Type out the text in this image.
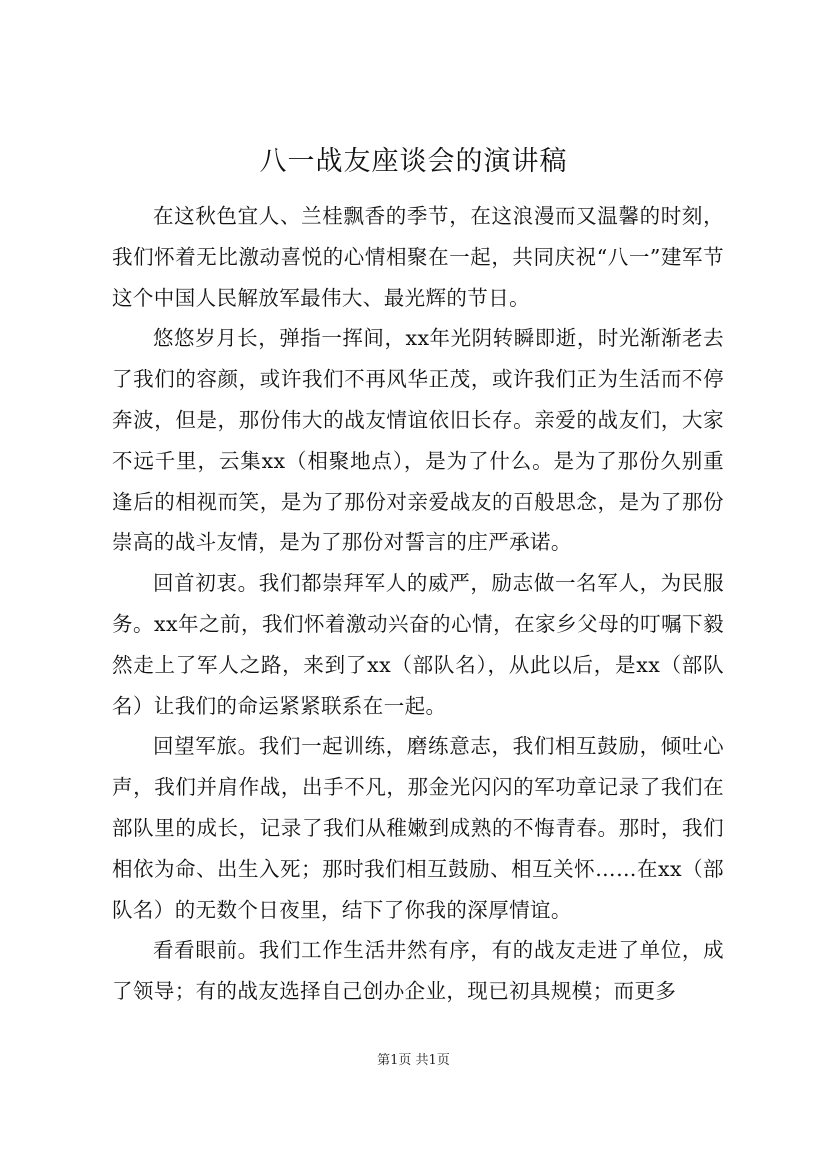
八一战友座谈会的演讲稿

在这秋色宜人、兰桂飘香的季节，在这浪漫而又温馨的时刻，我们怀着无比激动喜悦的心情相聚在一起，共同庆祝“八一”建军节这个中国人民解放军最伟大、最光辉的节日。

悠悠岁月长，弹指一挥间，xx年光阴转瞬即逝，时光渐渐老去了我们的容颜，或许我们不再风华正茂，或许我们正为生活而不停奔波，但是，那份伟大的战友情谊依旧长存。亲爱的战友们，大家不远千里，云集xx（相聚地点），是为了什么。是为了那份久别重逢后的相视而笑，是为了那份对亲爱战友的百般思念，是为了那份崇高的战斗友情，是为了那份对誓言的庄严承诺。

回首初衷。我们都崇拜军人的威严，励志做一名军人，为民服务。xx年之前，我们怀着激动兴奋的心情，在家乡父母的叮嘱下毅然走上了军人之路，来到了xx（部队名），从此以后，是xx（部队名）让我们的命运紧紧联系在一起。

回望军旅。我们一起训练，磨练意志，我们相互鼓励，倾吐心声，我们并肩作战，出手不凡，那金光闪闪的军功章记录了我们在部队里的成长，记录了我们从稚嫩到成熟的不悔青春。那时，我们相依为命、出生入死；那时我们相互鼓励、相互关怀……在xx（部队名）的无数个日夜里，结下了你我的深厚情谊。

看看眼前。我们工作生活井然有序，有的战友走进了单位，成了领导；有的战友选择自己创办企业，现已初具规模；而更多

第1页 共1页
